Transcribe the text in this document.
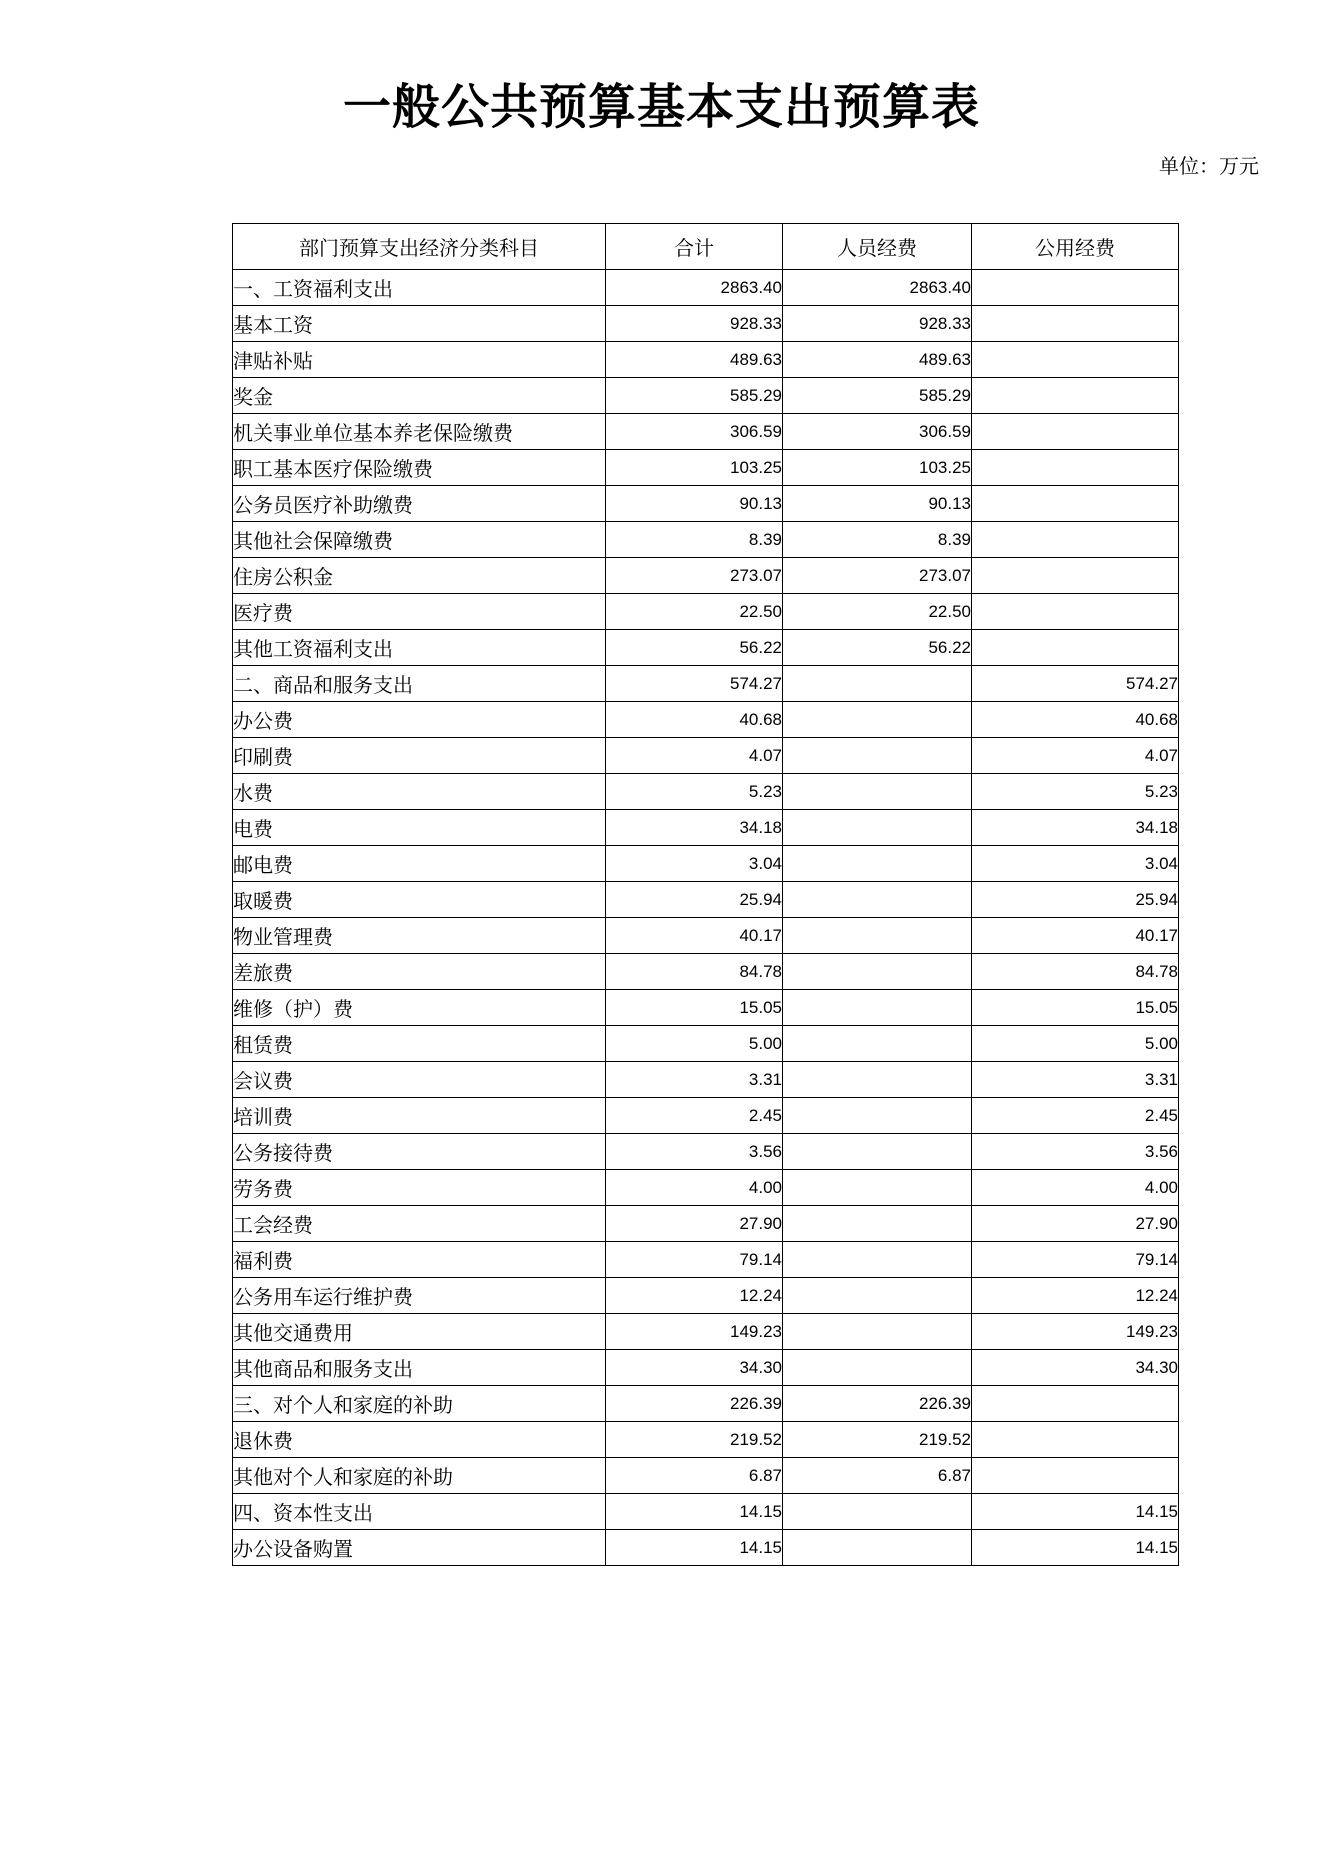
一般公共预算基本支出预算表
单位：万元
部门预算支出经济分类科目	合计	人员经费	公用经费
一、工资福利支出	2863.40	2863.40	
基本工资	928.33	928.33	
津贴补贴	489.63	489.63	
奖金	585.29	585.29	
机关事业单位基本养老保险缴费	306.59	306.59	
职工基本医疗保险缴费	103.25	103.25	
公务员医疗补助缴费	90.13	90.13	
其他社会保障缴费	8.39	8.39	
住房公积金	273.07	273.07	
医疗费	22.50	22.50	
其他工资福利支出	56.22	56.22	
二、商品和服务支出	574.27		574.27
办公费	40.68		40.68
印刷费	4.07		4.07
水费	5.23		5.23
电费	34.18		34.18
邮电费	3.04		3.04
取暖费	25.94		25.94
物业管理费	40.17		40.17
差旅费	84.78		84.78
维修（护）费	15.05		15.05
租赁费	5.00		5.00
会议费	3.31		3.31
培训费	2.45		2.45
公务接待费	3.56		3.56
劳务费	4.00		4.00
工会经费	27.90		27.90
福利费	79.14		79.14
公务用车运行维护费	12.24		12.24
其他交通费用	149.23		149.23
其他商品和服务支出	34.30		34.30
三、对个人和家庭的补助	226.39	226.39	
退休费	219.52	219.52	
其他对个人和家庭的补助	6.87	6.87	
四、资本性支出	14.15		14.15
办公设备购置	14.15		14.15
